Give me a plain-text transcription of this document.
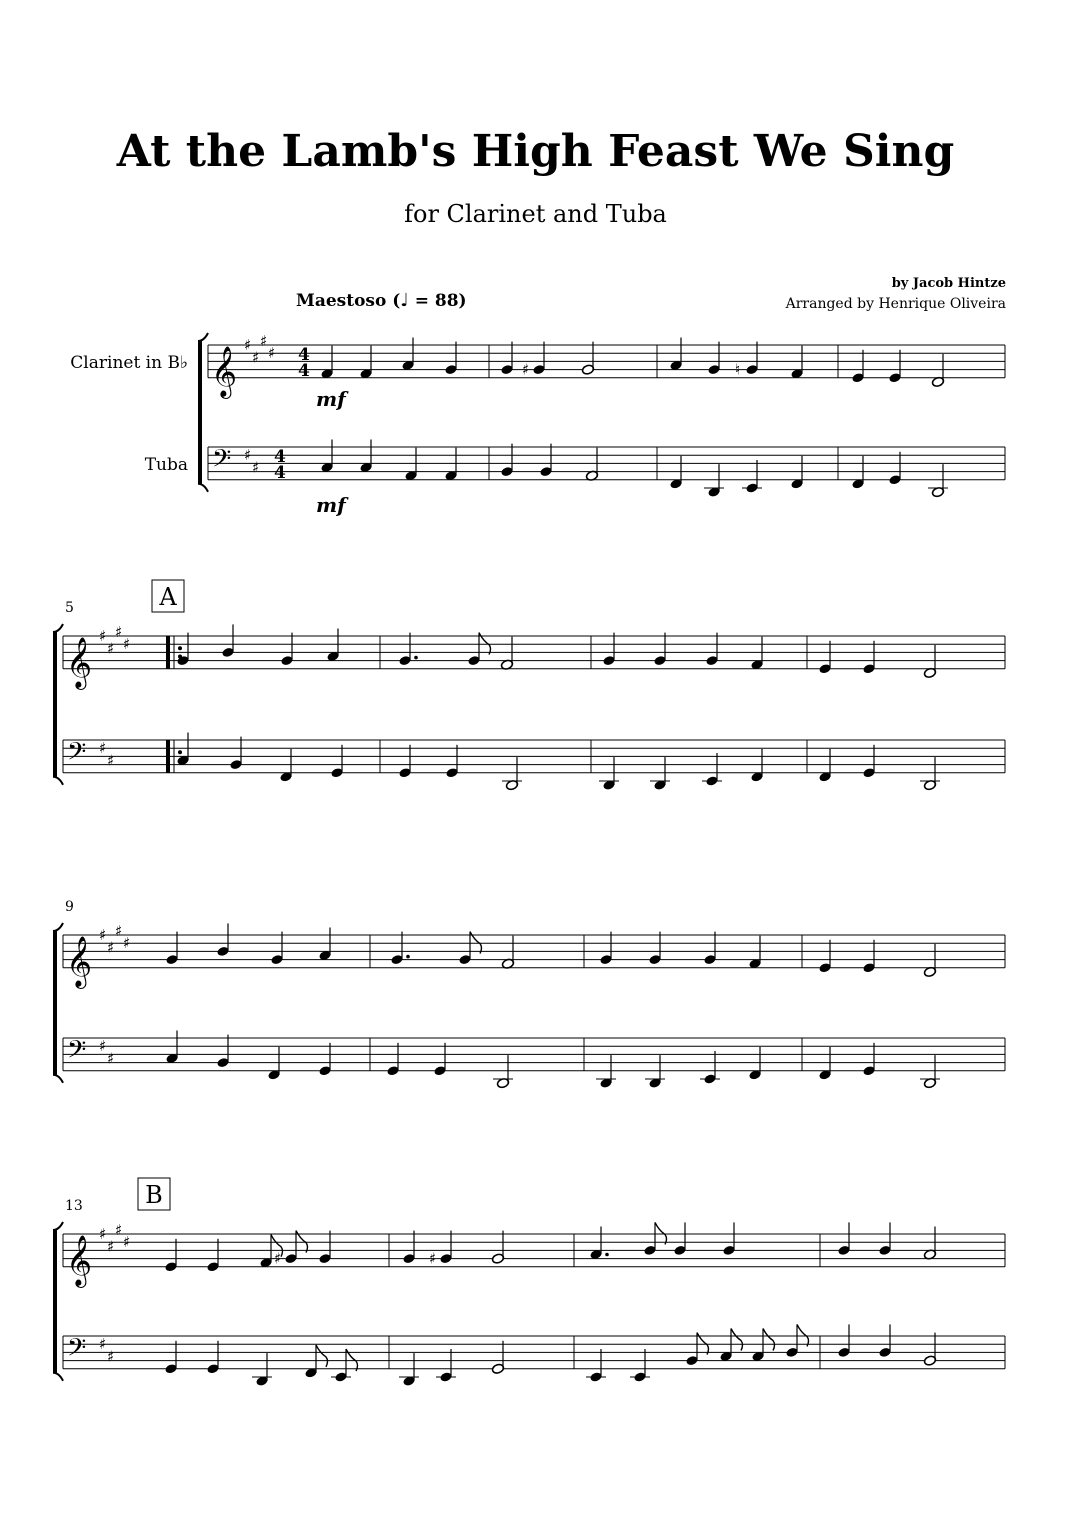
At the Lamb's High Feast We Sing
for Clarinet and Tuba
by Jacob Hintze
Arranged by Henrique Oliveira
Maestoso (♩ = 88)
Clarinet in B♭
Tuba
𝄞
𝄢
♯
♯
♯
♯
♯
♯
4
4
4
4
mf
mf
♯	♮
𝄞
𝄢
♯
♯
♯
♯
♯
♯
5	A
𝄞
𝄢
♯
♯
♯
♯
♯
♯
9
𝄞
𝄢
♯
♯
♯
♯
♯
♯
13	B
♯	♯
